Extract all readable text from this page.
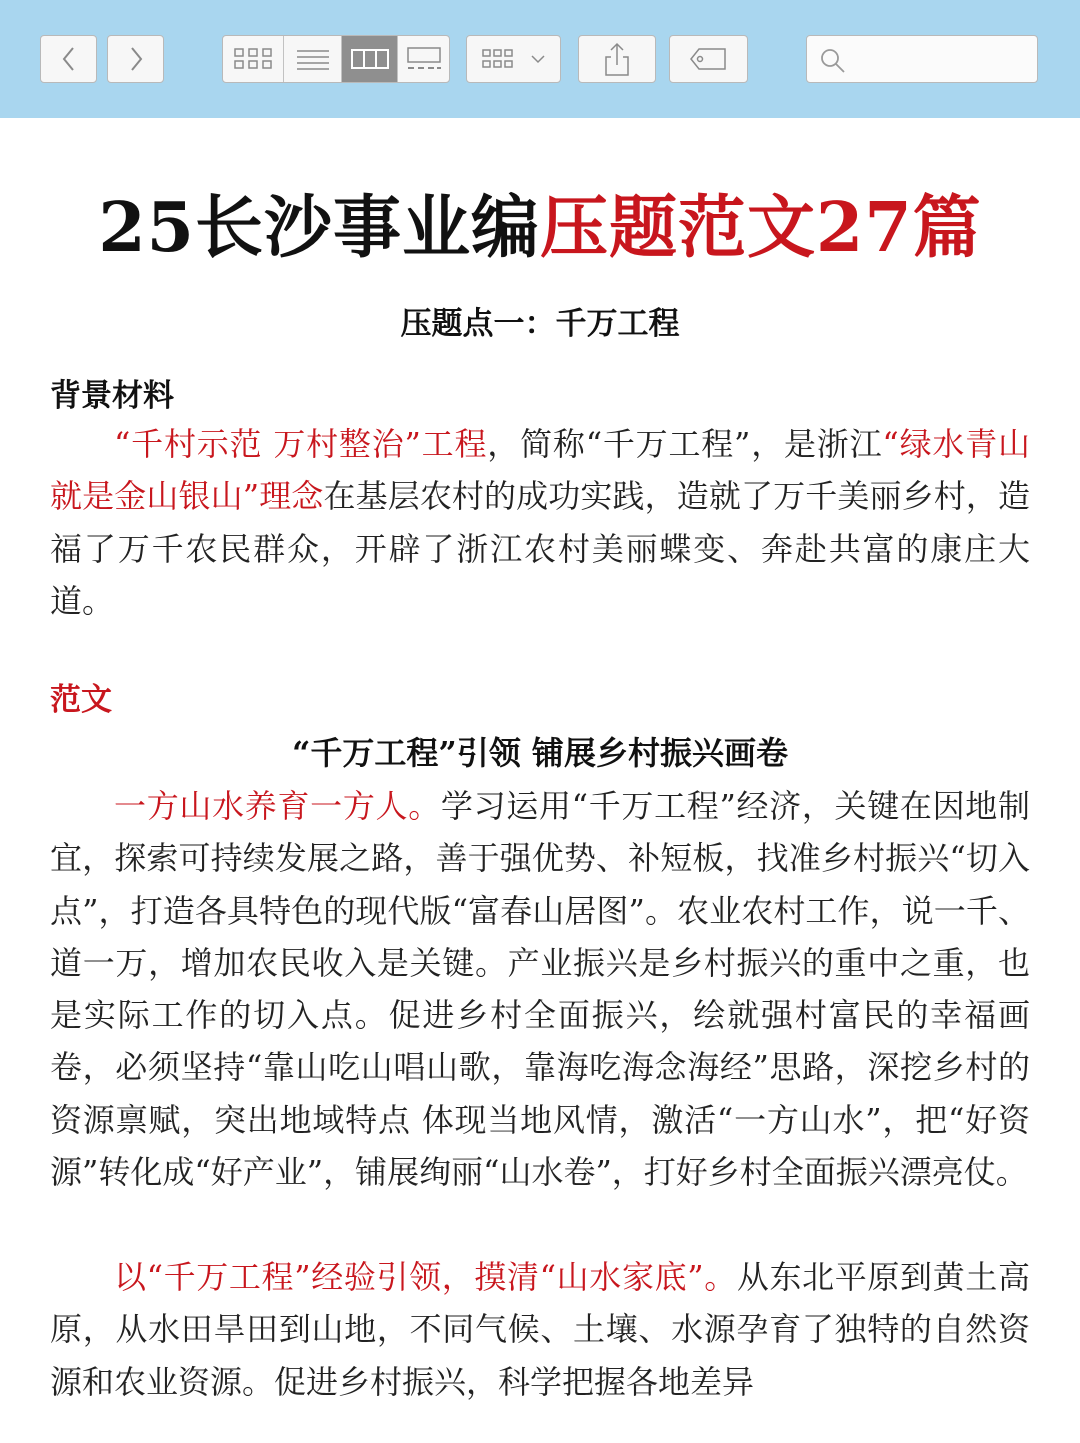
25长沙事业编压题范文27篇
压题点一：千万工程
背景材料
“千村示范 万村整治”工程，简称“千万工程”，是浙江“绿水青山就是金山银山”理念在基层农村的成功实践，造就了万千美丽乡村，造福了万千农民群众，开辟了浙江农村美丽蝶变、奔赴共富的康庄大道。
范文
“千万工程”引领 铺展乡村振兴画卷
一方山水养育一方人。学习运用“千万工程”经济，关键在因地制宜，探索可持续发展之路，善于强优势、补短板，找准乡村振兴“切入点”，打造各具特色的现代版“富春山居图”。农业农村工作，说一千、道一万，增加农民收入是关键。产业振兴是乡村振兴的重中之重，也是实际工作的切入点。促进乡村全面振兴，绘就强村富民的幸福画卷，必须坚持“靠山吃山唱山歌，靠海吃海念海经”思路，深挖乡村的资源禀赋，突出地域特点 体现当地风情，激活“一方山水”，把“好资源”转化成“好产业”，铺展绚丽“山水卷”，打好乡村全面振兴漂亮仗。
以“千万工程”经验引领，摸清“山水家底”。从东北平原到黄土高原，从水田旱田到山地，不同气候、土壤、水源孕育了独特的自然资源和农业资源。促进乡村振兴，科学把握各地差异
